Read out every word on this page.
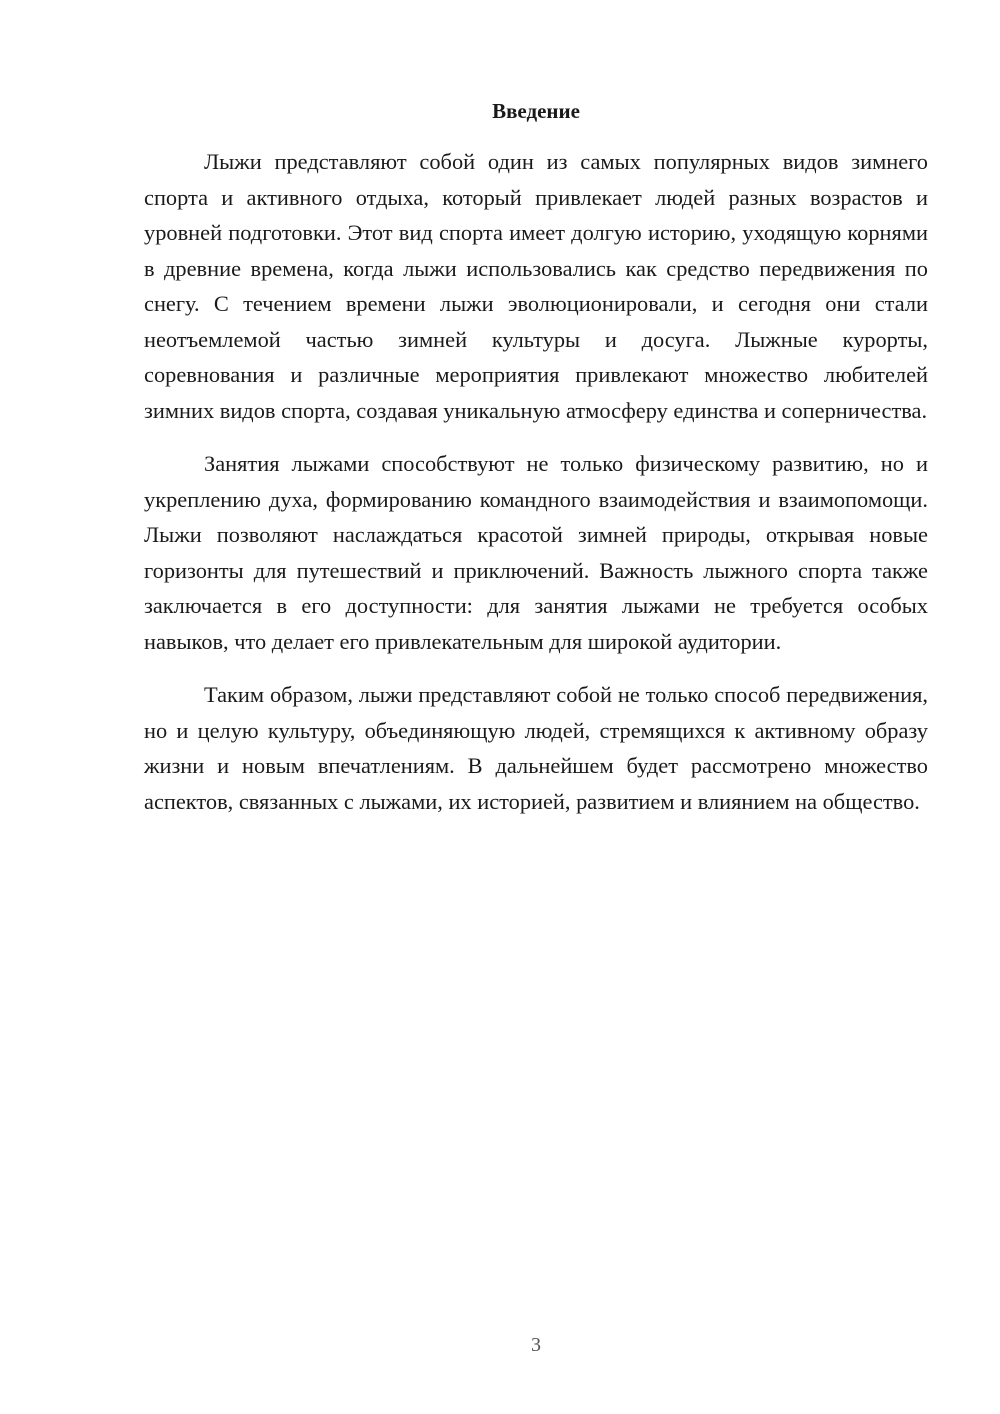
Введение

Лыжи представляют собой один из самых популярных видов зимнего спорта и активного отдыха, который привлекает людей разных возрастов и уровней подготовки. Этот вид спорта имеет долгую историю, уходящую корнями в древние времена, когда лыжи использовались как средство передвижения по снегу. С течением времени лыжи эволюционировали, и сегодня они стали неотъемлемой частью зимней культуры и досуга. Лыжные курорты, соревнования и различные мероприятия привлекают множество любителей зимних видов спорта, создавая уникальную атмосферу единства и соперничества.

Занятия лыжами способствуют не только физическому развитию, но и укреплению духа, формированию командного взаимодействия и взаимопомощи. Лыжи позволяют наслаждаться красотой зимней природы, открывая новые горизонты для путешествий и приключений. Важность лыжного спорта также заключается в его доступности: для занятия лыжами не требуется особых навыков, что делает его привлекательным для широкой аудитории.

Таким образом, лыжи представляют собой не только способ передвижения, но и целую культуру, объединяющую людей, стремящихся к активному образу жизни и новым впечатлениям. В дальнейшем будет рассмотрено множество аспектов, связанных с лыжами, их историей, развитием и влиянием на общество.

3
